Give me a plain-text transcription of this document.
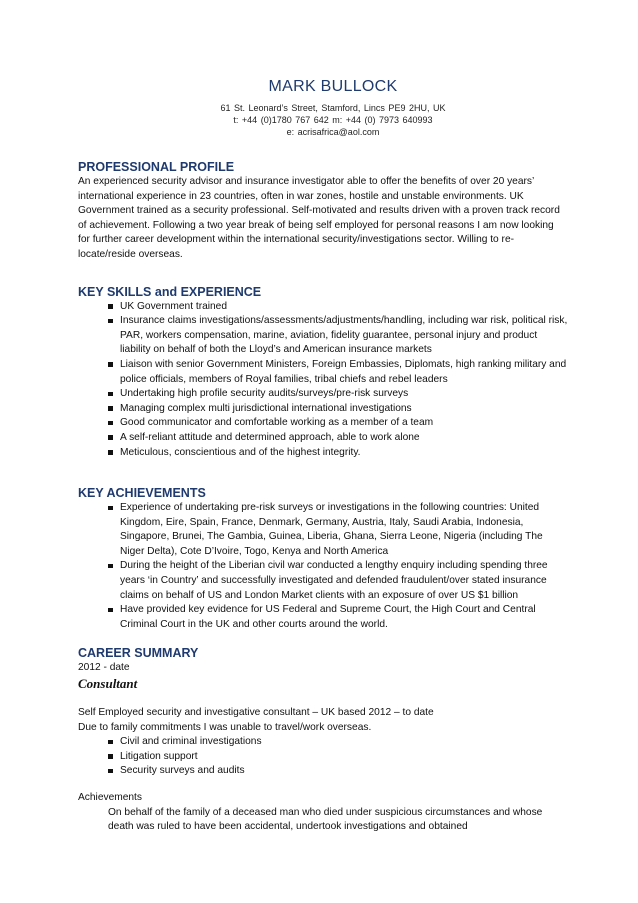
MARK BULLOCK
61 St. Leonard’s Street, Stamford, Lincs PE9 2HU, UK
t: +44 (0)1780 767 642 m: +44 (0) 7973 640993
e: acrisafrica@aol.com
PROFESSIONAL PROFILE

An experienced security advisor and insurance investigator able to offer the benefits of over 20 years’ international experience in 23 countries, often in war zones, hostile and unstable environments. UK Government trained as a security professional. Self-motivated and results driven with a proven track record of achievement. Following a two year break of being self employed for personal reasons I am now looking for further career development within the international security/investigations sector. Willing to re-locate/reside overseas.

KEY SKILLS and EXPERIENCE
UK Government trained
Insurance claims investigations/assessments/adjustments/handling, including war risk, political risk, PAR, workers compensation, marine, aviation, fidelity guarantee, personal injury and product liability on behalf of both the Lloyd’s and American insurance markets
Liaison with senior Government Ministers, Foreign Embassies, Diplomats, high ranking military and police officials, members of Royal families, tribal chiefs and rebel leaders
Undertaking high profile security audits/surveys/pre-risk surveys
Managing complex multi jurisdictional international investigations
Good communicator and comfortable working as a member of a team
A self-reliant attitude and determined approach, able to work alone
Meticulous, conscientious and of the highest integrity.
KEY ACHIEVEMENTS
Experience of undertaking pre-risk surveys or investigations in the following countries: United Kingdom, Eire, Spain, France, Denmark, Germany, Austria, Italy, Saudi Arabia, Indonesia, Singapore, Brunei, The Gambia, Guinea, Liberia, Ghana, Sierra Leone, Nigeria (including The Niger Delta), Cote D’Ivoire, Togo, Kenya and North America
During the height of the Liberian civil war conducted a lengthy enquiry including spending three years ‘in Country’ and successfully investigated and defended fraudulent/over stated insurance claims on behalf of US and London Market clients with an exposure of over US $1 billion
Have provided key evidence for US Federal and Supreme Court, the High Court and Central Criminal Court in the UK and other courts around the world.
CAREER SUMMARY

2012 - date

Consultant

Self Employed security and investigative consultant – UK based 2012 – to date

Due to family commitments I was unable to travel/work overseas.

Civil and criminal investigations
Litigation support
Security surveys and audits

Achievements

On behalf of the family of a deceased man who died under suspicious circumstances and whose death was ruled to have been accidental, undertook investigations and obtained
